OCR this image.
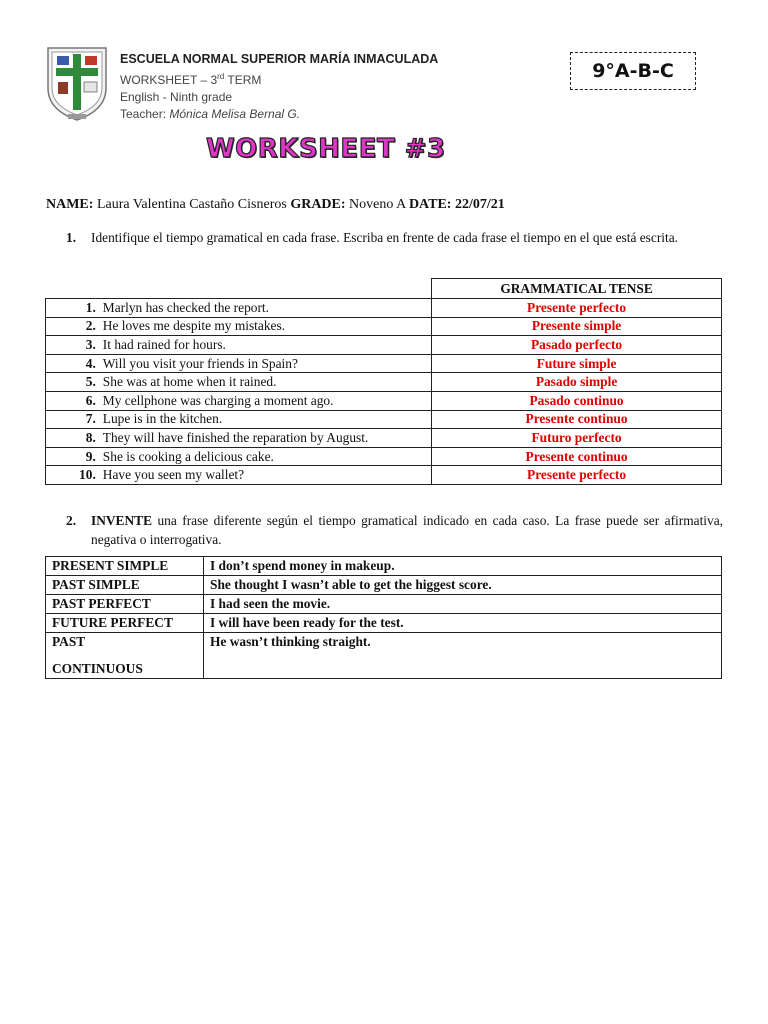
ESCUELA NORMAL SUPERIOR MARÍA INMACULADA
WORKSHEET – 3rd TERM
English - Ninth grade
Teacher: Mónica Melisa Bernal G.
9°A-B-C
WORKSHEET #3
NAME: Laura Valentina Castaño Cisneros GRADE: Noveno A DATE: 22/07/21
1. Identifique el tiempo gramatical en cada frase. Escriba en frente de cada frase el tiempo en el que está escrita.
		GRAMMATICAL TENSE
1.	Marlyn has checked the report.	Presente perfecto
2.	He loves me despite my mistakes.	Presente simple
3.	It had rained for hours.	Pasado perfecto
4.	Will you visit your friends in Spain?	Future simple
5.	She was at home when it rained.	Pasado simple
6.	My cellphone was charging a moment ago.	Pasado continuo
7.	Lupe is in the kitchen.	Presente continuo
8.	They will have finished the reparation by August.	Futuro perfecto
9.	She is cooking a delicious cake.	Presente continuo
10.	Have you seen my wallet?	Presente perfecto
2. INVENTE una frase diferente según el tiempo gramatical indicado en cada caso. La frase puede ser afirmativa, negativa o interrogativa.
PRESENT SIMPLE	I don’t spend money in makeup.
PAST SIMPLE	She thought I wasn’t able to get the higgest score.
PAST PERFECT	I had seen the movie.
FUTURE PERFECT	I will have been ready for the test.

PAST
CONTINUOUS	He wasn’t thinking straight.
